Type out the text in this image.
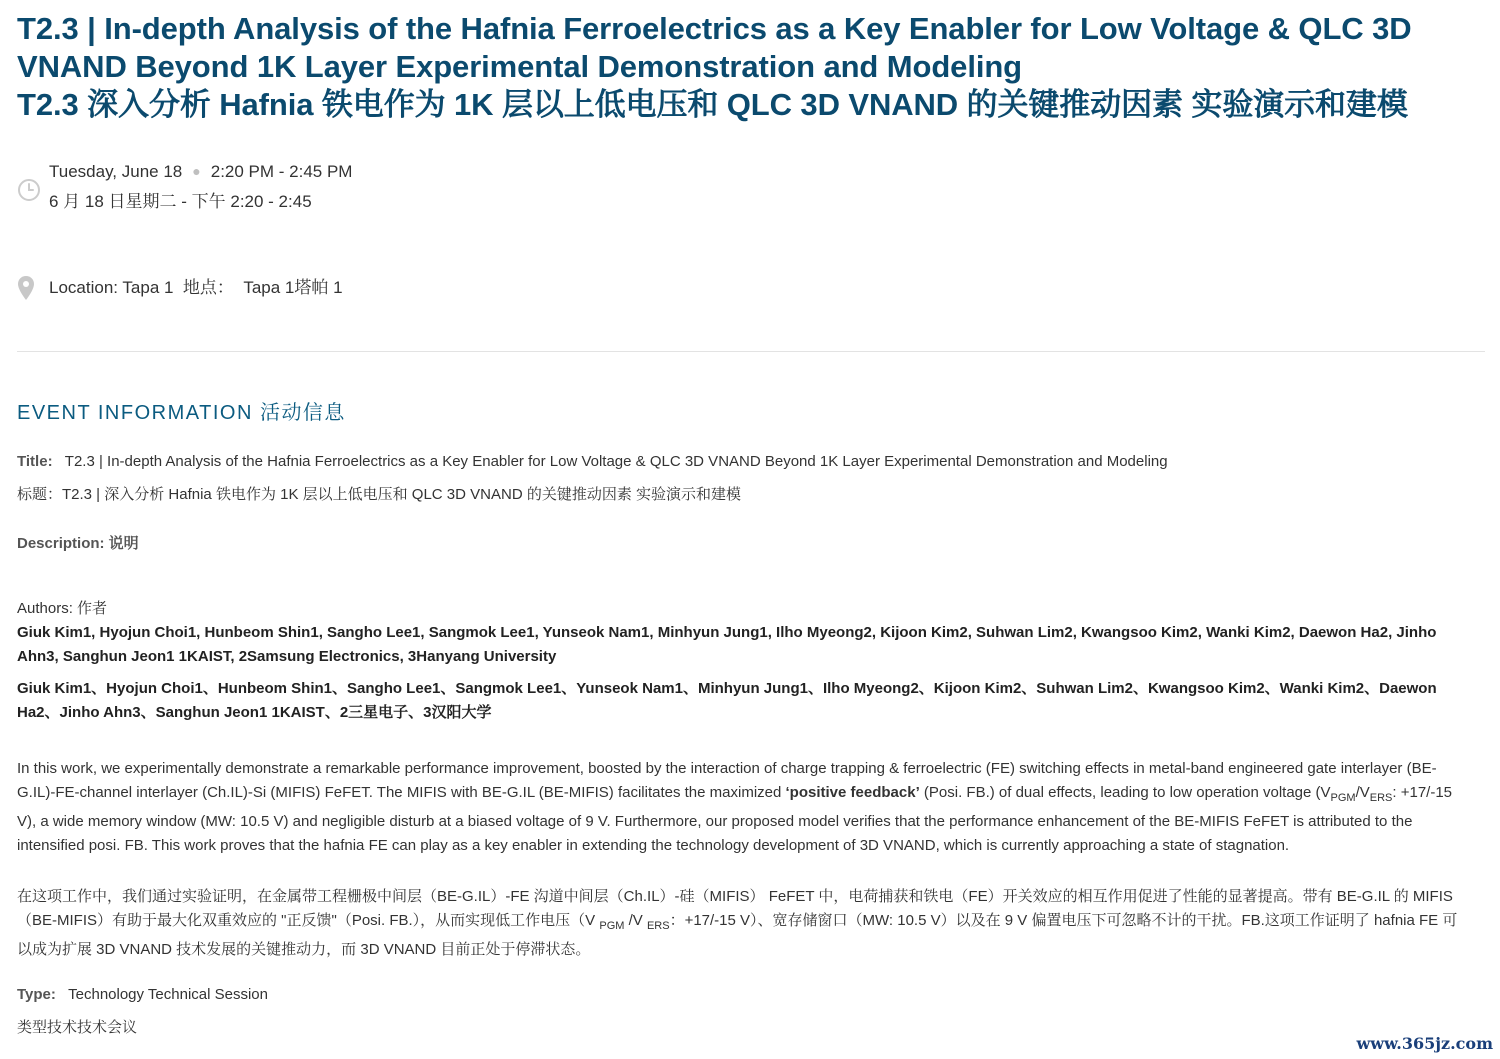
T2.3 | In-depth Analysis of the Hafnia Ferroelectrics as a Key Enabler for Low Voltage & QLC 3D
VNAND Beyond 1K Layer Experimental Demonstration and Modeling
T2.3 深入分析 Hafnia 铁电作为 1K 层以上低电压和 QLC 3D VNAND 的关键推动因素 实验演示和建模
Tuesday, June 18 ● 2:20 PM - 2:45 PM
6 月 18 日星期二 - 下午 2:20 - 2:45
Location: Tapa 1  地点：  Tapa 1塔帕 1
EVENT INFORMATION 活动信息
Title: T2.3 | In-depth Analysis of the Hafnia Ferroelectrics as a Key Enabler for Low Voltage & QLC 3D VNAND Beyond 1K Layer Experimental Demonstration and Modeling
标题：T2.3 | 深入分析 Hafnia 铁电作为 1K 层以上低电压和 QLC 3D VNAND 的关键推动因素 实验演示和建模
Description: 说明
Authors: 作者
Giuk Kim1, Hyojun Choi1, Hunbeom Shin1, Sangho Lee1, Sangmok Lee1, Yunseok Nam1, Minhyun Jung1, Ilho Myeong2, Kijoon Kim2, Suhwan Lim2, Kwangsoo Kim2, Wanki Kim2, Daewon Ha2, Jinho Ahn3, Sanghun Jeon1 1KAIST, 2Samsung Electronics, 3Hanyang University
Giuk Kim1、Hyojun Choi1、Hunbeom Shin1、Sangho Lee1、Sangmok Lee1、Yunseok Nam1、Minhyun Jung1、Ilho Myeong2、Kijoon Kim2、Suhwan Lim2、Kwangsoo Kim2、Wanki Kim2、Daewon Ha2、Jinho Ahn3、Sanghun Jeon1 1KAIST、2三星电子、3汉阳大学
In this work, we experimentally demonstrate a remarkable performance improvement, boosted by the interaction of charge trapping & ferroelectric (FE) switching effects in metal-band engineered gate interlayer (BE-G.IL)-FE-channel interlayer (Ch.IL)-Si (MIFIS) FeFET. The MIFIS with BE-G.IL (BE-MIFIS) facilitates the maximized ‘positive feedback’ (Posi. FB.) of dual effects, leading to low operation voltage ($V_{PGM}/V_{ERS}$: +17/-15 V), a wide memory window (MW: 10.5 V) and negligible disturb at a biased voltage of 9 V. Furthermore, our proposed model verifies that the performance enhancement of the BE-MIFIS FeFET is attributed to the intensified posi. FB. This work proves that the hafnia FE can play as a key enabler in extending the technology development of 3D VNAND, which is currently approaching a state of stagnation.
在这项工作中，我们通过实验证明，在金属带工程栅极中间层（BE-G.IL）-FE 沟道中间层（Ch.IL）-硅（MIFIS） FeFET 中，电荷捕获和铁电（FE）开关效应的相互作用促进了性能的显著提高。带有 BE-G.IL 的 MIFIS（BE-MIFIS）有助于最大化双重效应的 "正反馈"（Posi. FB.），从而实现低工作电压（V $_{PGM}$ /V $_{ERS}$：+17/-15 V）、宽存储窗口（MW: 10.5 V）以及在 9 V 偏置电压下可忽略不计的干扰。FB.这项工作证明了 hafnia FE 可以成为扩展 3D VNAND 技术发展的关键推动力，而 3D VNAND 目前正处于停滞状态。
Type: Technology Technical Session
类型技术技术会议
www.365jz.com
